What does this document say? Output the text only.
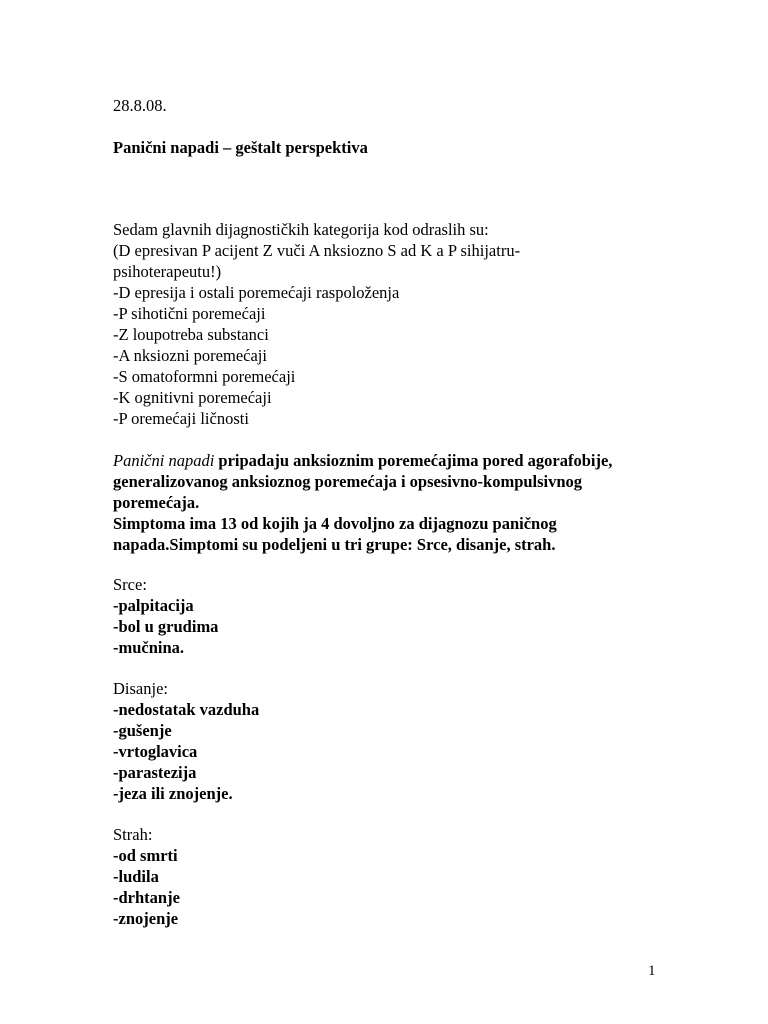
28.8.08.

Panični napadi – geštalt perspektiva

Sedam glavnih dijagnostičkih kategorija kod odraslih su:

(D epresivan P acijent Z vuči A nksiozno S ad K a P sihijatru-

psihoterapeutu!)

-D epresija i ostali poremećaji raspoloženja

-P sihotični poremećaji

-Z loupotreba substanci

-A nksiozni poremećaji

-S omatoformni poremećaji

-K ognitivni poremećaji

-P oremećaji ličnosti

Panični napadi pripadaju anksioznim poremećajima pored agorafobije,

generalizovanog anksioznog poremećaja i opsesivno-kompulsivnog

poremećaja.

Simptoma ima 13 od kojih ja 4 dovoljno za dijagnozu paničnog

napada.Simptomi su podeljeni u tri grupe: Srce, disanje, strah.

Srce:

-palpitacija

-bol u grudima

-mučnina.

Disanje:

-nedostatak vazduha

-gušenje

-vrtoglavica

-parastezija

-jeza ili znojenje.

Strah:

-od smrti

-ludila

-drhtanje

-znojenje

1
